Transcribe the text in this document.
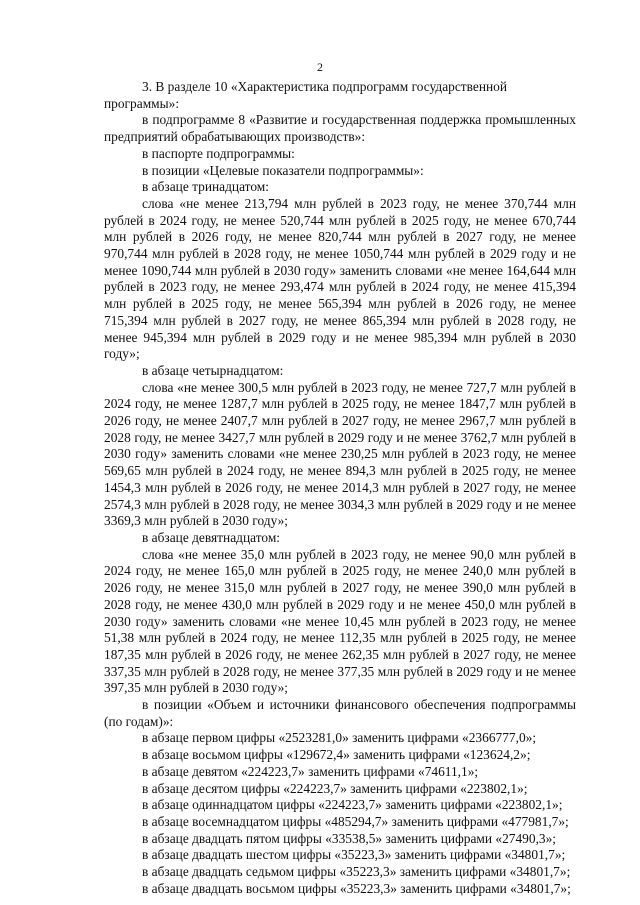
2

3. В разделе 10 «Характеристика подпрограмм государственной программы»:

в подпрограмме 8 «Развитие и государственная поддержка промышленных предприятий обрабатывающих производств»:

в паспорте подпрограммы:

в позиции «Целевые показатели подпрограммы»:

в абзаце тринадцатом:

слова «не менее 213,794 млн рублей в 2023 году, не менее 370,744 млн рублей в 2024 году, не менее 520,744 млн рублей в 2025 году, не менее 670,744 млн рублей в 2026 году, не менее 820,744 млн рублей в 2027 году, не менее 970,744 млн рублей в 2028 году, не менее 1050,744 млн рублей в 2029 году и не менее 1090,744 млн рублей в 2030 году» заменить словами «не менее 164,644 млн рублей в 2023 году, не менее 293,474 млн рублей в 2024 году, не менее 415,394 млн рублей в 2025 году, не менее 565,394 млн рублей в 2026 году, не менее 715,394 млн рублей в 2027 году, не менее 865,394 млн рублей в 2028 году, не менее 945,394 млн рублей в 2029 году и не менее 985,394 млн рублей в 2030 году»;

в абзаце четырнадцатом:

слова «не менее 300,5 млн рублей в 2023 году, не менее 727,7 млн рублей в 2024 году, не менее 1287,7 млн рублей в 2025 году, не менее 1847,7 млн рублей в 2026 году, не менее 2407,7 млн рублей в 2027 году, не менее 2967,7 млн рублей в 2028 году, не менее 3427,7 млн рублей в 2029 году и не менее 3762,7 млн рублей в 2030 году» заменить словами «не менее 230,25 млн рублей в 2023 году, не менее 569,65 млн рублей в 2024 году, не менее 894,3 млн рублей в 2025 году, не менее 1454,3 млн рублей в 2026 году, не менее 2014,3 млн рублей в 2027 году, не менее 2574,3 млн рублей в 2028 году, не менее 3034,3 млн рублей в 2029 году и не менее 3369,3 млн рублей в 2030 году»;

в абзаце девятнадцатом:

слова «не менее 35,0 млн рублей в 2023 году, не менее 90,0 млн рублей в 2024 году, не менее 165,0 млн рублей в 2025 году, не менее 240,0 млн рублей в 2026 году, не менее 315,0 млн рублей в 2027 году, не менее 390,0 млн рублей в 2028 году, не менее 430,0 млн рублей в 2029 году и не менее 450,0 млн рублей в 2030 году» заменить словами «не менее 10,45 млн рублей в 2023 году, не менее 51,38 млн рублей в 2024 году, не менее 112,35 млн рублей в 2025 году, не менее 187,35 млн рублей в 2026 году, не менее 262,35 млн рублей в 2027 году, не менее 337,35 млн рублей в 2028 году, не менее 377,35 млн рублей в 2029 году и не менее 397,35 млн рублей в 2030 году»;

в позиции «Объем и источники финансового обеспечения подпрограммы (по годам)»:

в абзаце первом цифры «2523281,0» заменить цифрами «2366777,0»;

в абзаце восьмом цифры «129672,4» заменить цифрами «123624,2»;

в абзаце девятом «224223,7» заменить цифрами «74611,1»;

в абзаце десятом цифры «224223,7» заменить цифрами «223802,1»;

в абзаце одиннадцатом цифры «224223,7» заменить цифрами «223802,1»;

в абзаце восемнадцатом цифры «485294,7» заменить цифрами «477981,7»;

в абзаце двадцать пятом цифры «33538,5» заменить цифрами «27490,3»;

в абзаце двадцать шестом цифры «35223,3» заменить цифрами «34801,7»;

в абзаце двадцать седьмом цифры «35223,3» заменить цифрами «34801,7»;

в абзаце двадцать восьмом цифры «35223,3» заменить цифрами «34801,7»;
